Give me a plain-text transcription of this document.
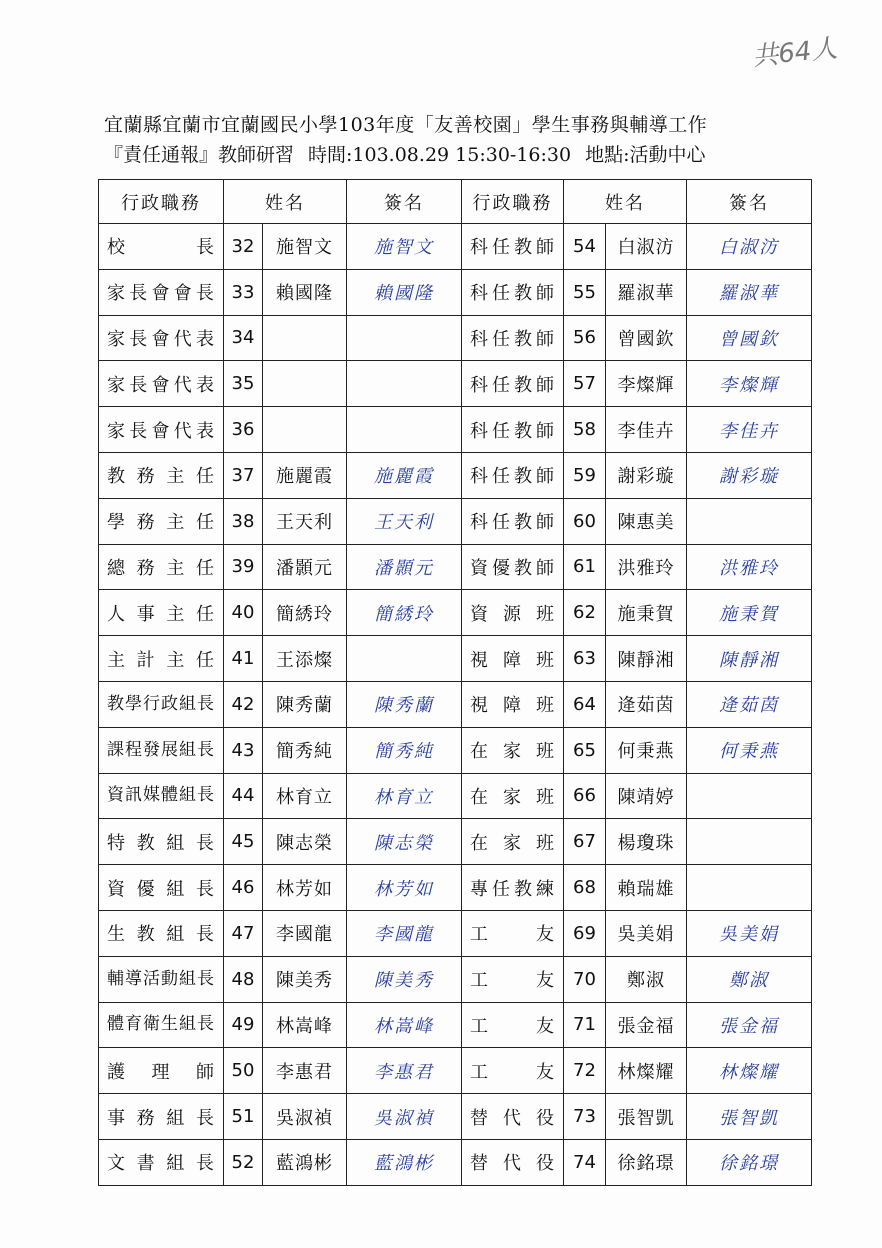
共64人
宜蘭縣宜蘭市宜蘭國民小學103年度「友善校園」學生事務與輔導工作
『責任通報』教師研習 時間:103.08.29 15:30-16:30 地點:活動中心
行政職務	姓名		簽名	行政職務	姓名		簽名
校長	32	施智文	施智文	科任教師	54	白淑汸	白淑汸
家長會會長	33	賴國隆	賴國隆	科任教師	55	羅淑華	羅淑華
家長會代表	34			科任教師	56	曾國欽	曾國欽
家長會代表	35			科任教師	57	李燦輝	李燦輝
家長會代表	36			科任教師	58	李佳卉	李佳卉
教務主任	37	施麗霞	施麗霞	科任教師	59	謝彩璇	謝彩璇
學務主任	38	王天利	王天利	科任教師	60	陳惠美	
總務主任	39	潘顥元	潘顥元	資優教師	61	洪雅玲	洪雅玲
人事主任	40	簡綉玲	簡綉玲	資源班	62	施秉賀	施秉賀
主計主任	41	王添燦		視障班	63	陳靜湘	陳靜湘
教學行政組長	42	陳秀蘭	陳秀蘭	視障班	64	逄茹茵	逄茹茵
課程發展組長	43	簡秀純	簡秀純	在家班	65	何秉燕	何秉燕
資訊媒體組長	44	林育立	林育立	在家班	66	陳靖婷	
特教組長	45	陳志榮	陳志榮	在家班	67	楊瓊珠	
資優組長	46	林芳如	林芳如	專任教練	68	賴瑞雄	
生教組長	47	李國龍	李國龍	工友	69	吳美娟	吳美娟
輔導活動組長	48	陳美秀	陳美秀	工友	70	鄭淑	鄭淑
體育衛生組長	49	林嵩峰	林嵩峰	工友	71	張金福	張金福
護理師	50	李惠君	李惠君	工友	72	林燦耀	林燦耀
事務組長	51	吳淑禎	吳淑禎	替代役	73	張智凱	張智凱
文書組長	52	藍鴻彬	藍鴻彬	替代役	74	徐銘璟	徐銘璟
